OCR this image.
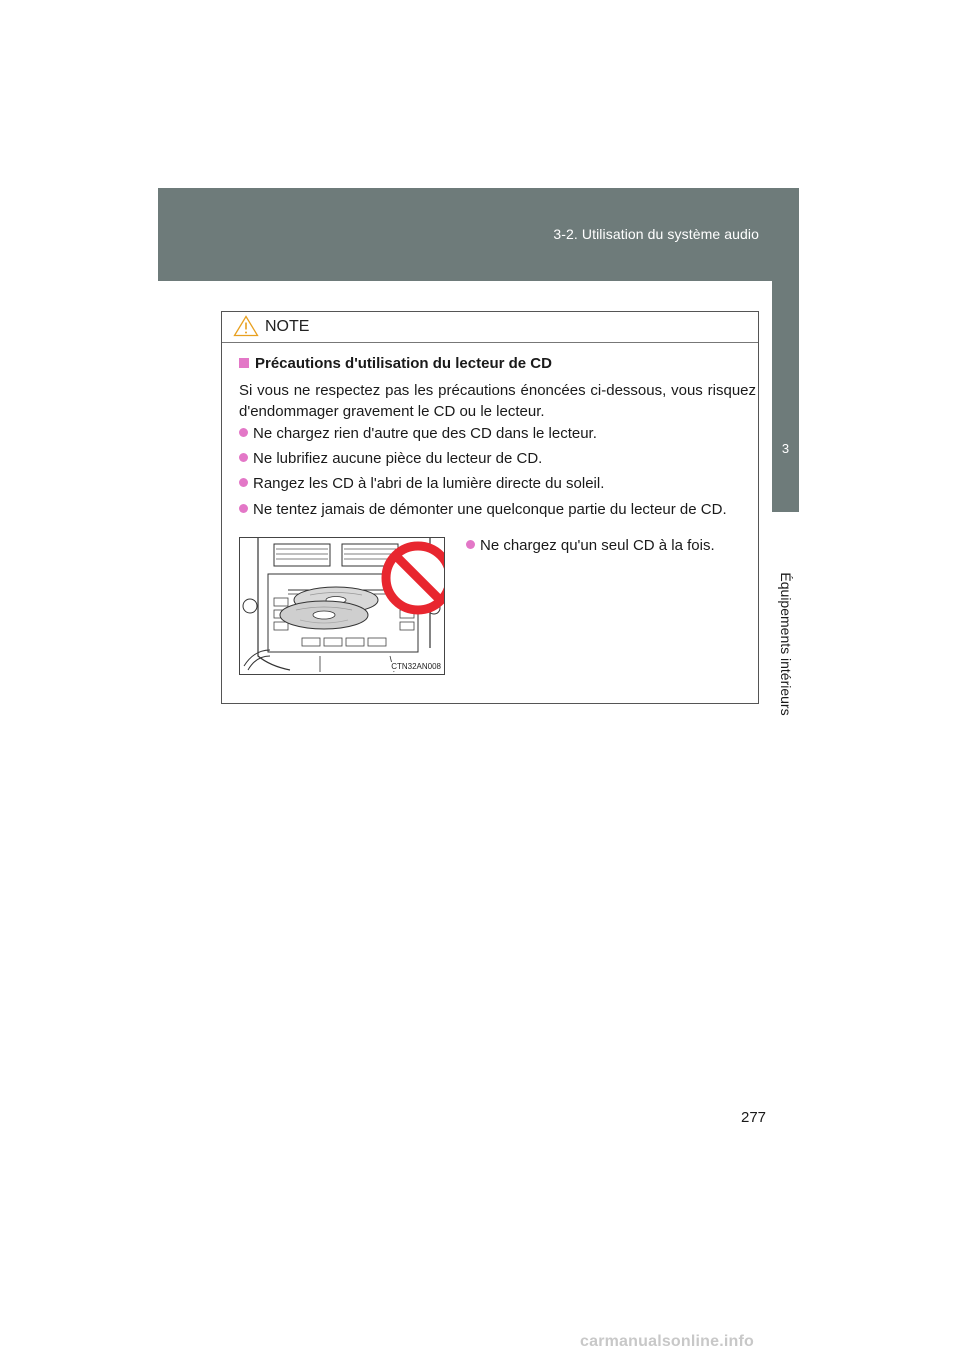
3-2. Utilisation du système audio
3
Équipements intérieurs
NOTE
Précautions d'utilisation du lecteur de CD
Si vous ne respectez pas les précautions énoncées ci-dessous, vous risquez d'endommager gravement le CD ou le lecteur.
Ne chargez rien d'autre que des CD dans le lecteur.
Ne lubrifiez aucune pièce du lecteur de CD.
Rangez les CD à l'abri de la lumière directe du soleil.
Ne tentez jamais de démonter une quelconque partie du lecteur de CD.
CTN32AN008
Ne chargez qu'un seul CD à la fois.
277
carmanualsonline.info
